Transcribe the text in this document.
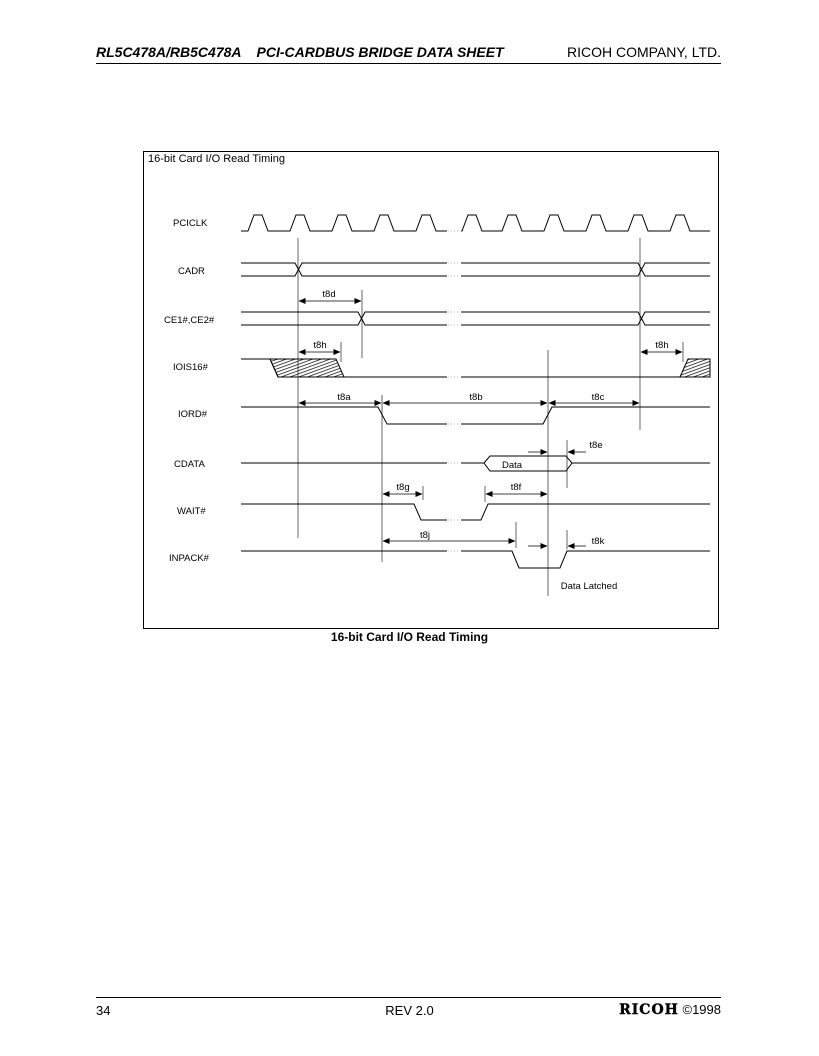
RL5C478A/RB5C478A    PCI-CARDBUS BRIDGE DATA SHEET	RICOH COMPANY, LTD.
16-bit Card I/O Read Timing
PCICLK
CADR
CE1#,CE2#
IOIS16#
IORD#
CDATA
WAIT#
INPACK#
Data
t8d
t8h	t8h
t8a	t8b	t8c
t8e
t8g	t8f
t8j
t8k
Data Latched
16-bit Card I/O Read Timing
34	REV 2.0	RICOH ©1998
